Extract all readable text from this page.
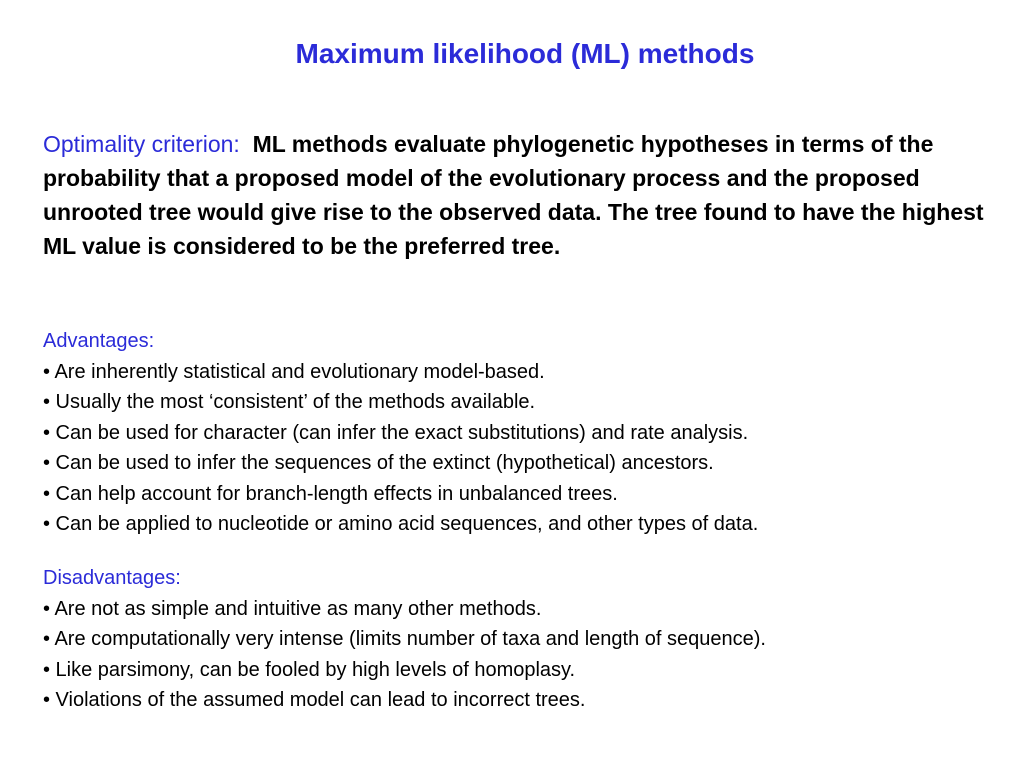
Maximum likelihood (ML) methods
Optimality criterion: ML methods evaluate phylogenetic hypotheses in terms of the probability that a proposed model of the evolutionary process and the proposed unrooted tree would give rise to the observed data. The tree found to have the highest ML value is considered to be the preferred tree.
Advantages:
• Are inherently statistical and evolutionary model-based.
• Usually the most ‘consistent’ of the methods available.
• Can be used for character (can infer the exact substitutions) and rate analysis.
• Can be used to infer the sequences of the extinct (hypothetical) ancestors.
• Can help account for branch-length effects in unbalanced trees.
• Can be applied to nucleotide or amino acid sequences, and other types of data.
Disadvantages:
• Are not as simple and intuitive as many other methods.
• Are computationally very intense (limits number of taxa and length of sequence).
• Like parsimony, can be fooled by high levels of homoplasy.
• Violations of the assumed model can lead to incorrect trees.
